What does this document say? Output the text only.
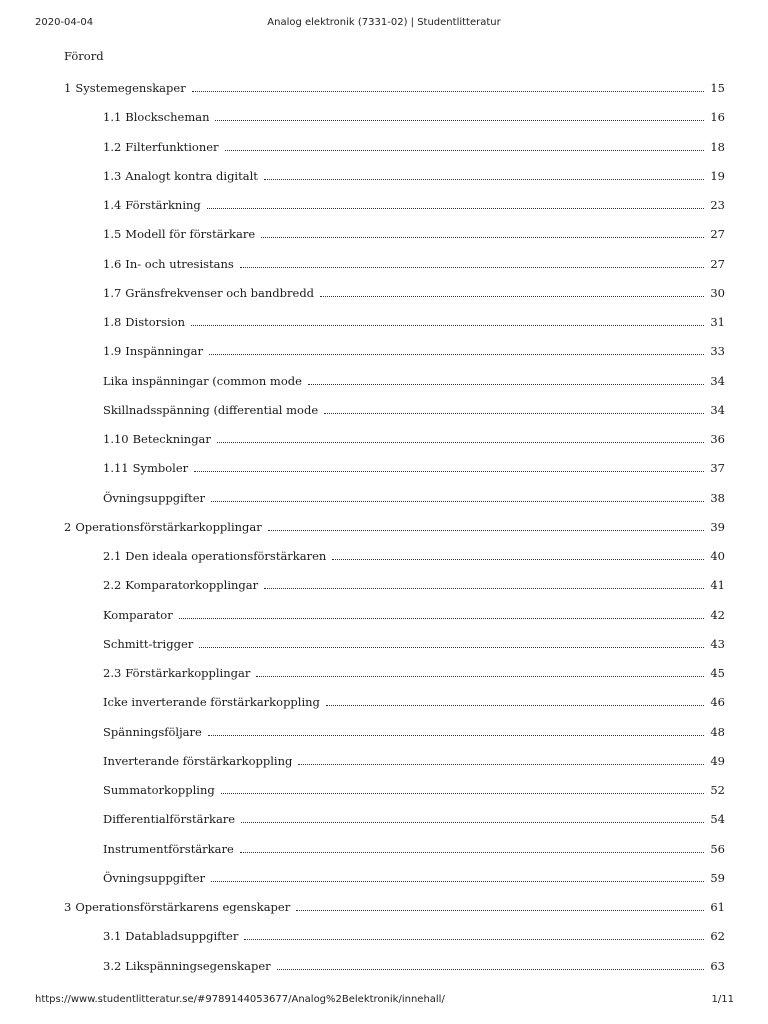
2020-04-04	Analog elektronik (7331-02) | Studentlitteratur
Förord
1 Systemegenskaper	15
1.1 Blockscheman	16
1.2 Filterfunktioner	18
1.3 Analogt kontra digitalt	19
1.4 Förstärkning	23
1.5 Modell för förstärkare	27
1.6 In- och utresistans	27
1.7 Gränsfrekvenser och bandbredd	30
1.8 Distorsion	31
1.9 Inspänningar	33
Lika inspänningar (common mode	34
Skillnadsspänning (differential mode	34
1.10 Beteckningar	36
1.11 Symboler	37
Övningsuppgifter	38
2 Operationsförstärkarkopplingar	39
2.1 Den ideala operationsförstärkaren	40
2.2 Komparatorkopplingar	41
Komparator	42
Schmitt-trigger	43
2.3 Förstärkarkopplingar	45
Icke inverterande förstärkarkoppling	46
Spänningsföljare	48
Inverterande förstärkarkoppling	49
Summatorkoppling	52
Differentialförstärkare	54
Instrumentförstärkare	56
Övningsuppgifter	59
3 Operationsförstärkarens egenskaper	61
3.1 Databladsuppgifter	62
3.2 Likspänningsegenskaper	63
https://www.studentlitteratur.se/#9789144053677/Analog%2Belektronik/innehall/	1/11
